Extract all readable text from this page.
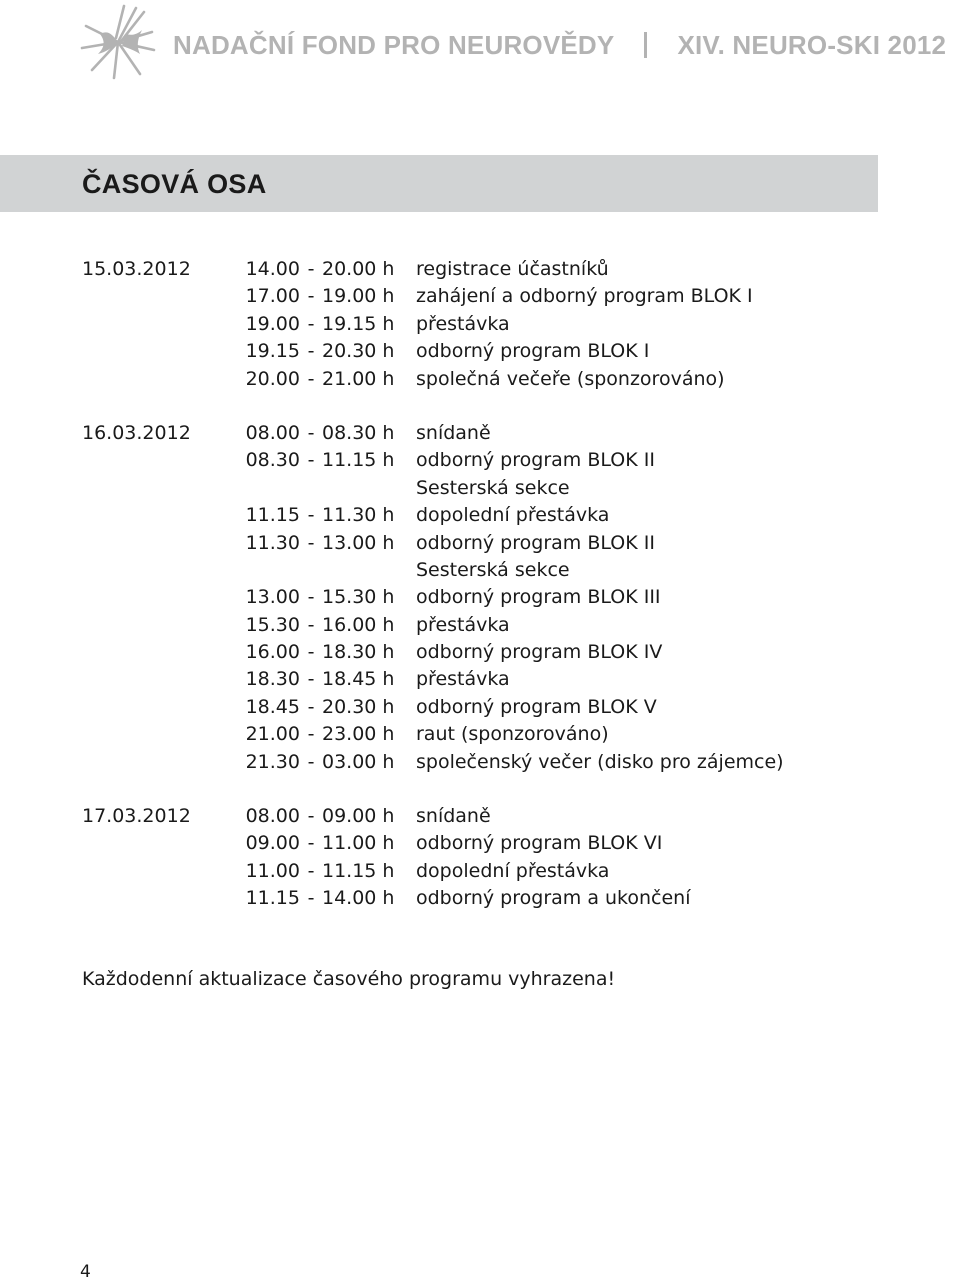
NADAČNÍ FOND PRO NEUROVĚDY XIV. NEURO-SKI 2012
ČASOVÁ OSA
15.03.2012	14.00 - 20.00 h registrace účastníků
17.00 - 19.00 h zahájení a odborný program BLOK I
19.00 - 19.15 h přestávka
19.15 - 20.30 h odborný program BLOK I
20.00 - 21.00 h společná večeře (sponzorováno)
16.03.2012	08.00 - 08.30 h snídaně
08.30 - 11.15 h odborný program BLOK II
Sesterská sekce
11.15 - 11.30 h dopolední přestávka
11.30 - 13.00 h odborný program BLOK II
Sesterská sekce
13.00 - 15.30 h odborný program BLOK III
15.30 - 16.00 h přestávka
16.00 - 18.30 h odborný program BLOK IV
18.30 - 18.45 h přestávka
18.45 - 20.30 h odborný program BLOK V
21.00 - 23.00 h raut (sponzorováno)
21.30 - 03.00 h společenský večer (disko pro zájemce)
17.03.2012	08.00 - 09.00 h snídaně
09.00 - 11.00 h odborný program BLOK VI
11.00 - 11.15 h dopolední přestávka
11.15 - 14.00 h odborný program a ukončení
Každodenní aktualizace časového programu vyhrazena!
4
